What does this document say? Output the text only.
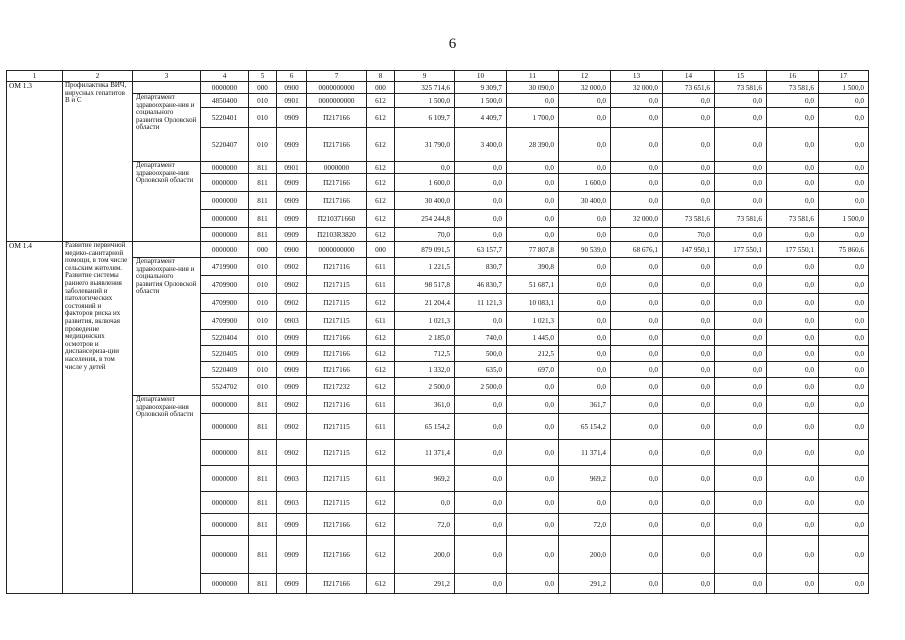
6
1	2	3	4	5	6	7	8	9	10	11	12	13	14	15	16	17
ОМ 1.3	Профилактика ВИЧ, вирусных гепатитов В и С		0000000	000	0900	0000000000	000	325 714,6	9 309,7	30 090,0	32 000,0	32 000,0	73 651,6	73 581,6	73 581,6	1 500,0
		Департамент здравоохране-ния и социального развития Орловской области	4850400	010	0901	0000000000	612	1 500,0	1 500,0	0,0	0,0	0,0	0,0	0,0	0,0	0,0
			5220401	010	0909	П217166	612	6 109,7	4 409,7	1 700,0	0,0	0,0	0,0	0,0	0,0	0,0
			5220407	010	0909	П217166	612	31 790,0	3 400,0	28 390,0	0,0	0,0	0,0	0,0	0,0	0,0
		Департамент здравоохране-ния Орловской области	0000000	811	0901	0000000	612	0,0	0,0	0,0	0,0	0,0	0,0	0,0	0,0	0,0
			0000000	811	0909	П217166	612	1 600,0	0,0	0,0	1 600,0	0,0	0,0	0,0	0,0	0,0
			0000000	811	0909	П217166	612	30 400,0	0,0	0,0	30 400,0	0,0	0,0	0,0	0,0	0,0
			0000000	811	0909	П210371660	612	254 244,8	0,0	0,0	0,0	32 000,0	73 581,6	73 581,6	73 581,6	1 500,0
			0000000	811	0909	П2103R3820	612	70,0	0,0	0,0	0,0	0,0	70,0	0,0	0,0	0,0
ОМ 1.4	Развитие первичной медико-санитарной помощи, в том числе сельским жителям. Развитие системы раннего выявления заболеваний и патологических состояний и факторов риска их развития, включая проведение медицинских осмотров и диспансериза-ции населения, в том числе у детей		0000000	000	0900	0000000000	000	879 091,5	63 157,7	77 807,8	90 539,0	68 676,1	147 950,1	177 550,1	177 550,1	75 860,6
		Департамент здравоохране-ния и социального развития Орловской области	4719900	010	0902	П217116	611	1 221,5	830,7	390,8	0,0	0,0	0,0	0,0	0,0	0,0
			4709900	010	0902	П217115	611	98 517,8	46 830,7	51 687,1	0,0	0,0	0,0	0,0	0,0	0,0
			4709900	010	0902	П217115	612	21 204,4	11 121,3	10 083,1	0,0	0,0	0,0	0,0	0,0	0,0
			4709900	010	0903	П217115	611	1 021,3	0,0	1 021,3	0,0	0,0	0,0	0,0	0,0	0,0
			5220404	010	0909	П217166	612	2 185,0	740,0	1 445,0	0,0	0,0	0,0	0,0	0,0	0,0
			5220405	010	0909	П217166	612	712,5	500,0	212,5	0,0	0,0	0,0	0,0	0,0	0,0
			5220409	010	0909	П217166	612	1 332,0	635,0	697,0	0,0	0,0	0,0	0,0	0,0	0,0
			5524702	010	0909	П217232	612	2 500,0	2 500,0	0,0	0,0	0,0	0,0	0,0	0,0	0,0
		Департамент здравоохране-ния Орловской области	0000000	811	0902	П217116	611	361,0	0,0	0,0	361,7	0,0	0,0	0,0	0,0	0,0
			0000000	811	0902	П217115	611	65 154,2	0,0	0,0	65 154,2	0,0	0,0	0,0	0,0	0,0
			0000000	811	0902	П217115	612	11 371,4	0,0	0,0	11 371,4	0,0	0,0	0,0	0,0	0,0
			0000000	811	0903	П217115	611	969,2	0,0	0,0	969,2	0,0	0,0	0,0	0,0	0,0
			0000000	811	0903	П217115	612	0,0	0,0	0,0	0,0	0,0	0,0	0,0	0,0	0,0
			0000000	811	0909	П217166	612	72,0	0,0	0,0	72,0	0,0	0,0	0,0	0,0	0,0
			0000000	811	0909	П217166	612	200,0	0,0	0,0	200,0	0,0	0,0	0,0	0,0	0,0
			0000000	811	0909	П217166	612	291,2	0,0	0,0	291,2	0,0	0,0	0,0	0,0	0,0
